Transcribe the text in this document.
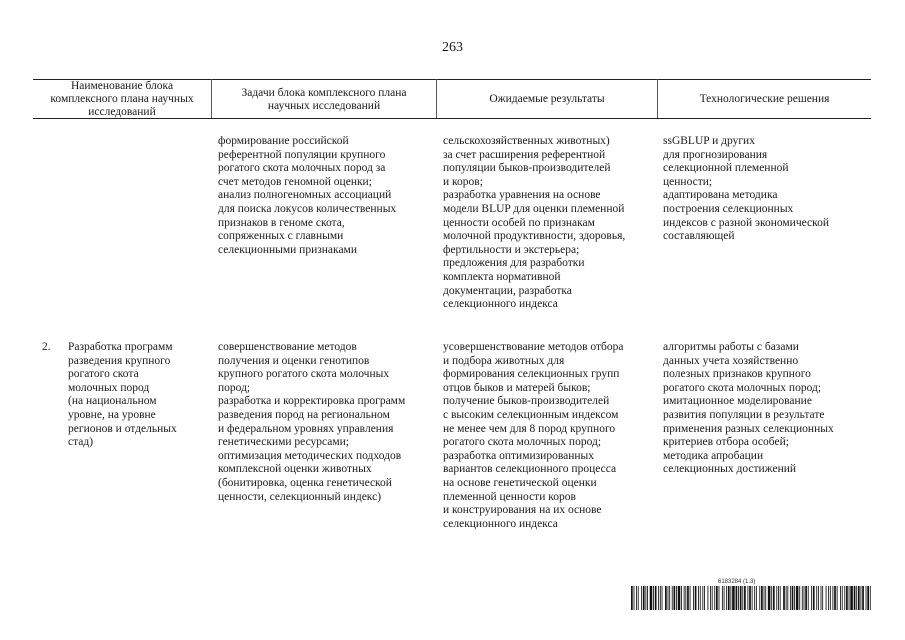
263
Наименование блока
комплексного плана научных
исследований
Задачи блока комплексного плана
научных исследований
Ожидаемые результаты	Технологические решения

формирование российской
референтной популяции крупного
рогатого скота молочных пород за
счет методов геномной оценки;
анализ полногеномных ассоциаций
для поиска локусов количественных
признаков в геноме скота,
сопряженных с главными
селекционными признаками

сельскохозяйственных животных)
за счет расширения референтной
популяции быков-производителей
и коров;
разработка уравнения на основе
модели BLUP для оценки племенной
ценности особей по признакам
молочной продуктивности, здоровья,
фертильности и экстерьера;
предложения для разработки
комплекта нормативной
документации, разработка
селекционного индекса

ssGBLUP и других
для прогнозирования
селекционной племенной
ценности;
адаптирована методика
построения селекционных
индексов с разной экономической
составляющей

2. Разработка программ
разведения крупного
рогатого скота
молочных пород
(на национальном
уровне, на уровне
регионов и отдельных
стад)

совершенствование методов
получения и оценки генотипов
крупного рогатого скота молочных
пород;
разработка и корректировка программ
разведения пород на региональном
и федеральном уровнях управления
генетическими ресурсами;
оптимизация методических подходов
комплексной оценки животных
(бонитировка, оценка генетической
ценности, селекционный индекс)

усовершенствование методов отбора
и подбора животных для
формирования селекционных групп
отцов быков и матерей быков;
получение быков-производителей
с высоким селекционным индексом
не менее чем для 8 пород крупного
рогатого скота молочных пород;
разработка оптимизированных
вариантов селекционного процесса
на основе генетической оценки
племенной ценности коров
и конструирования на их основе
селекционного индекса

алгоритмы работы с базами
данных учета хозяйственно
полезных признаков крупного
рогатого скота молочных пород;
имитационное моделирование
развития популяции в результате
применения разных селекционных
критериев отбора особей;
методика апробации
селекционных достижений

6183284 (1.3)
